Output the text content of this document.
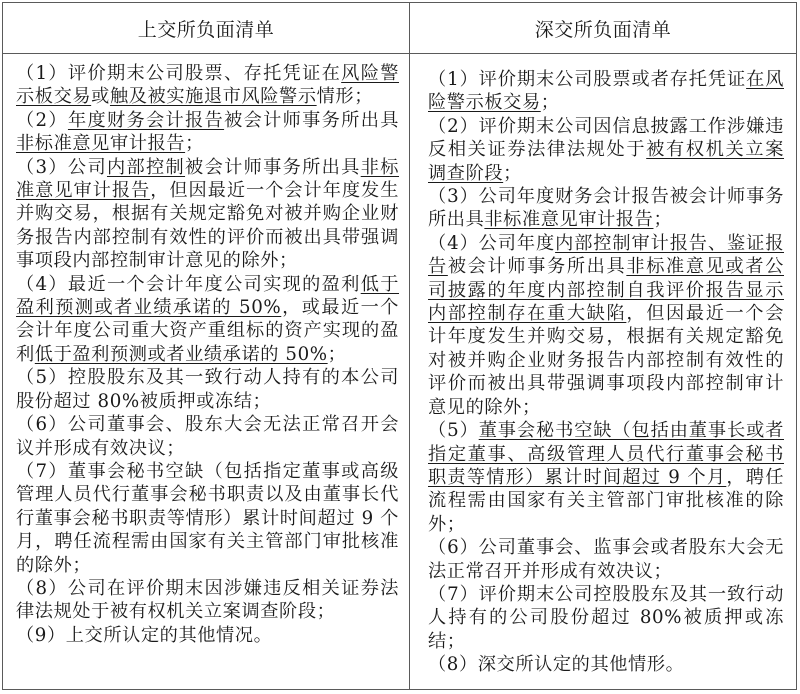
上交所负面清单	深交所负面清单

（1）评价期末公司股票、存托凭证在风险警示板交易或触及被实施退市风险警示情形；

（2）年度财务会计报告被会计师事务所出具非标准意见审计报告；

（3）公司内部控制被会计师事务所出具非标准意见审计报告，但因最近一个会计年度发生并购交易，根据有关规定豁免对被并购企业财务报告内部控制有效性的评价而被出具带强调事项段内部控制审计意见的除外；

（4）最近一个会计年度公司实现的盈利低于盈利预测或者业绩承诺的 50%，或最近一个会计年度公司重大资产重组标的资产实现的盈利低于盈利预测或者业绩承诺的 50%；

（5）控股股东及其一致行动人持有的本公司股份超过 80%被质押或冻结；

（6）公司董事会、股东大会无法正常召开会议并形成有效决议；

（7）董事会秘书空缺（包括指定董事或高级管理人员代行董事会秘书职责以及由董事长代行董事会秘书职责等情形）累计时间超过 9 个月，聘任流程需由国家有关主管部门审批核准的除外；

（8）公司在评价期末因涉嫌违反相关证券法律法规处于被有权机关立案调查阶段；

（9）上交所认定的其他情况。

（1）评价期末公司股票或者存托凭证在风险警示板交易；

（2）评价期末公司因信息披露工作涉嫌违反相关证券法律法规处于被有权机关立案调查阶段；

（3）公司年度财务会计报告被会计师事务所出具非标准意见审计报告；

（4）公司年度内部控制审计报告、鉴证报告被会计师事务所出具非标准意见或者公司披露的年度内部控制自我评价报告显示内部控制存在重大缺陷，但因最近一个会计年度发生并购交易，根据有关规定豁免对被并购企业财务报告内部控制有效性的评价而被出具带强调事项段内部控制审计意见的除外；

（5）董事会秘书空缺（包括由董事长或者指定董事、高级管理人员代行董事会秘书职责等情形）累计时间超过 9 个月，聘任流程需由国家有关主管部门审批核准的除外；

（6）公司董事会、监事会或者股东大会无法正常召开并形成有效决议；

（7）评价期末公司控股股东及其一致行动人持有的公司股份超过 80%被质押或冻结；

（8）深交所认定的其他情形。
